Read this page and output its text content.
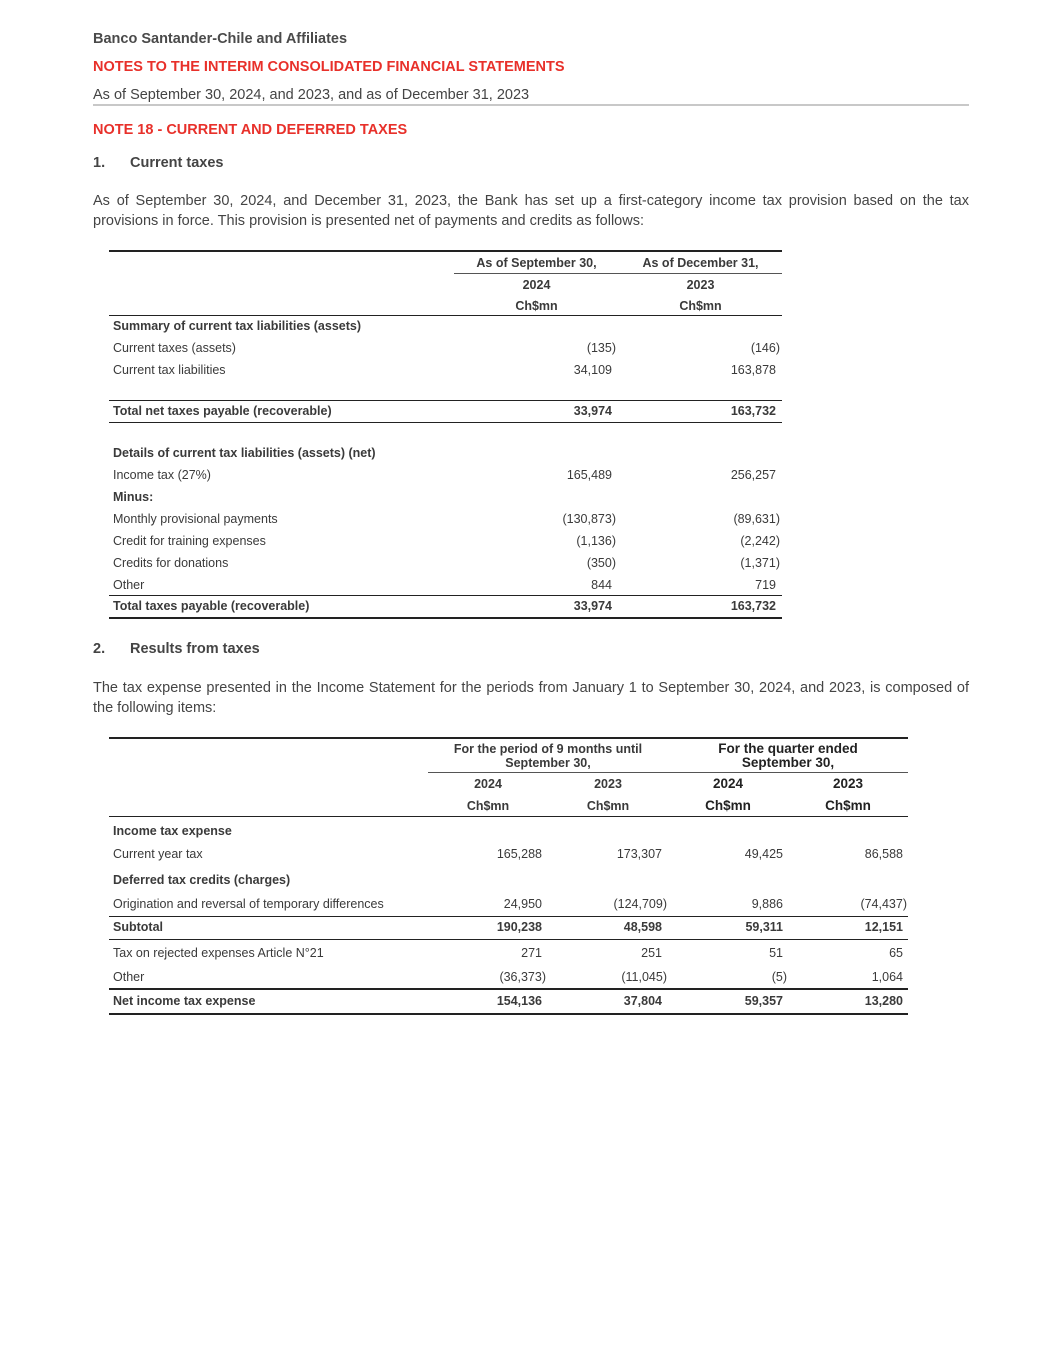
Banco Santander-Chile and Affiliates
NOTES TO THE INTERIM CONSOLIDATED FINANCIAL STATEMENTS
As of September 30, 2024, and 2023, and as of December 31, 2023
NOTE 18 - CURRENT AND DEFERRED TAXES
1. Current taxes
As of September 30, 2024, and December 31, 2023, the Bank has set up a first-category income tax provision based on the tax provisions in force. This provision is presented net of payments and credits as follows:
As of September 30,	As of December 31,
2024	2023
Ch$mn	Ch$mn
Summary of current tax liabilities (assets)
Current taxes (assets)	(135)	(146)
Current tax liabilities	34,109	163,878
Total net taxes payable (recoverable)	33,974	163,732
Details of current tax liabilities (assets) (net)
Income tax (27%)	165,489	256,257
Minus:
Monthly provisional payments	(130,873)	(89,631)
Credit for training expenses	(1,136)	(2,242)
Credits for donations	(350)	(1,371)
Other	844	719
Total taxes payable (recoverable)	33,974	163,732
2. Results from taxes
The tax expense presented in the Income Statement for the periods from January 1 to September 30, 2024, and 2023, is composed of the following items:
For the period of 9 months until September 30,
For the quarter ended September 30,
2024	2023	2024	2023
Ch$mn	Ch$mn	Ch$mn	Ch$mn
Income tax expense
Current year tax	165,288	173,307	49,425	86,588
Deferred tax credits (charges)
Origination and reversal of temporary differences	24,950	(124,709)	9,886	(74,437)
Subtotal	190,238	48,598	59,311	12,151
Tax on rejected expenses Article N°21	271	251	51	65
Other	(36,373)	(11,045)	(5)	1,064
Net income tax expense	154,136	37,804	59,357	13,280
